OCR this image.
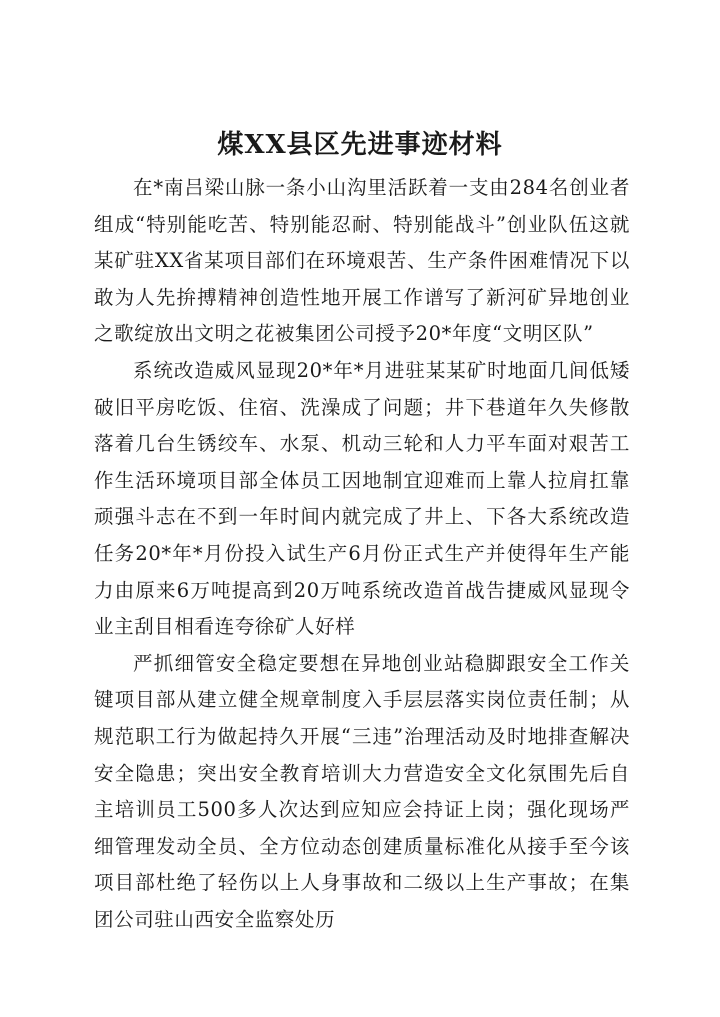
煤XX县区先进事迹材料

在*南吕梁山脉一条小山沟里活跃着一支由284名创业者组成“特别能吃苦、特别能忍耐、特别能战斗”创业队伍这就某矿驻XX省某项目部们在环境艰苦、生产条件困难情况下以敢为人先拚搏精神创造性地开展工作谱写了新河矿异地创业之歌绽放出文明之花被集团公司授予20*年度“文明区队”

系统改造威风显现20*年*月进驻某某矿时地面几间低矮破旧平房吃饭、住宿、洗澡成了问题；井下巷道年久失修散落着几台生锈绞车、水泵、机动三轮和人力平车面对艰苦工作生活环境项目部全体员工因地制宜迎难而上靠人拉肩扛靠顽强斗志在不到一年时间内就完成了井上、下各大系统改造任务20*年*月份投入试生产6月份正式生产并使得年生产能力由原来6万吨提高到20万吨系统改造首战告捷威风显现令业主刮目相看连夸徐矿人好样

严抓细管安全稳定要想在异地创业站稳脚跟安全工作关键项目部从建立健全规章制度入手层层落实岗位责任制；从规范职工行为做起持久开展“三违”治理活动及时地排查解决安全隐患；突出安全教育培训大力营造安全文化氛围先后自主培训员工500多人次达到应知应会持证上岗；强化现场严细管理发动全员、全方位动态创建质量标准化从接手至今该项目部杜绝了轻伤以上人身事故和二级以上生产事故；在集团公司驻山西安全监察处历
